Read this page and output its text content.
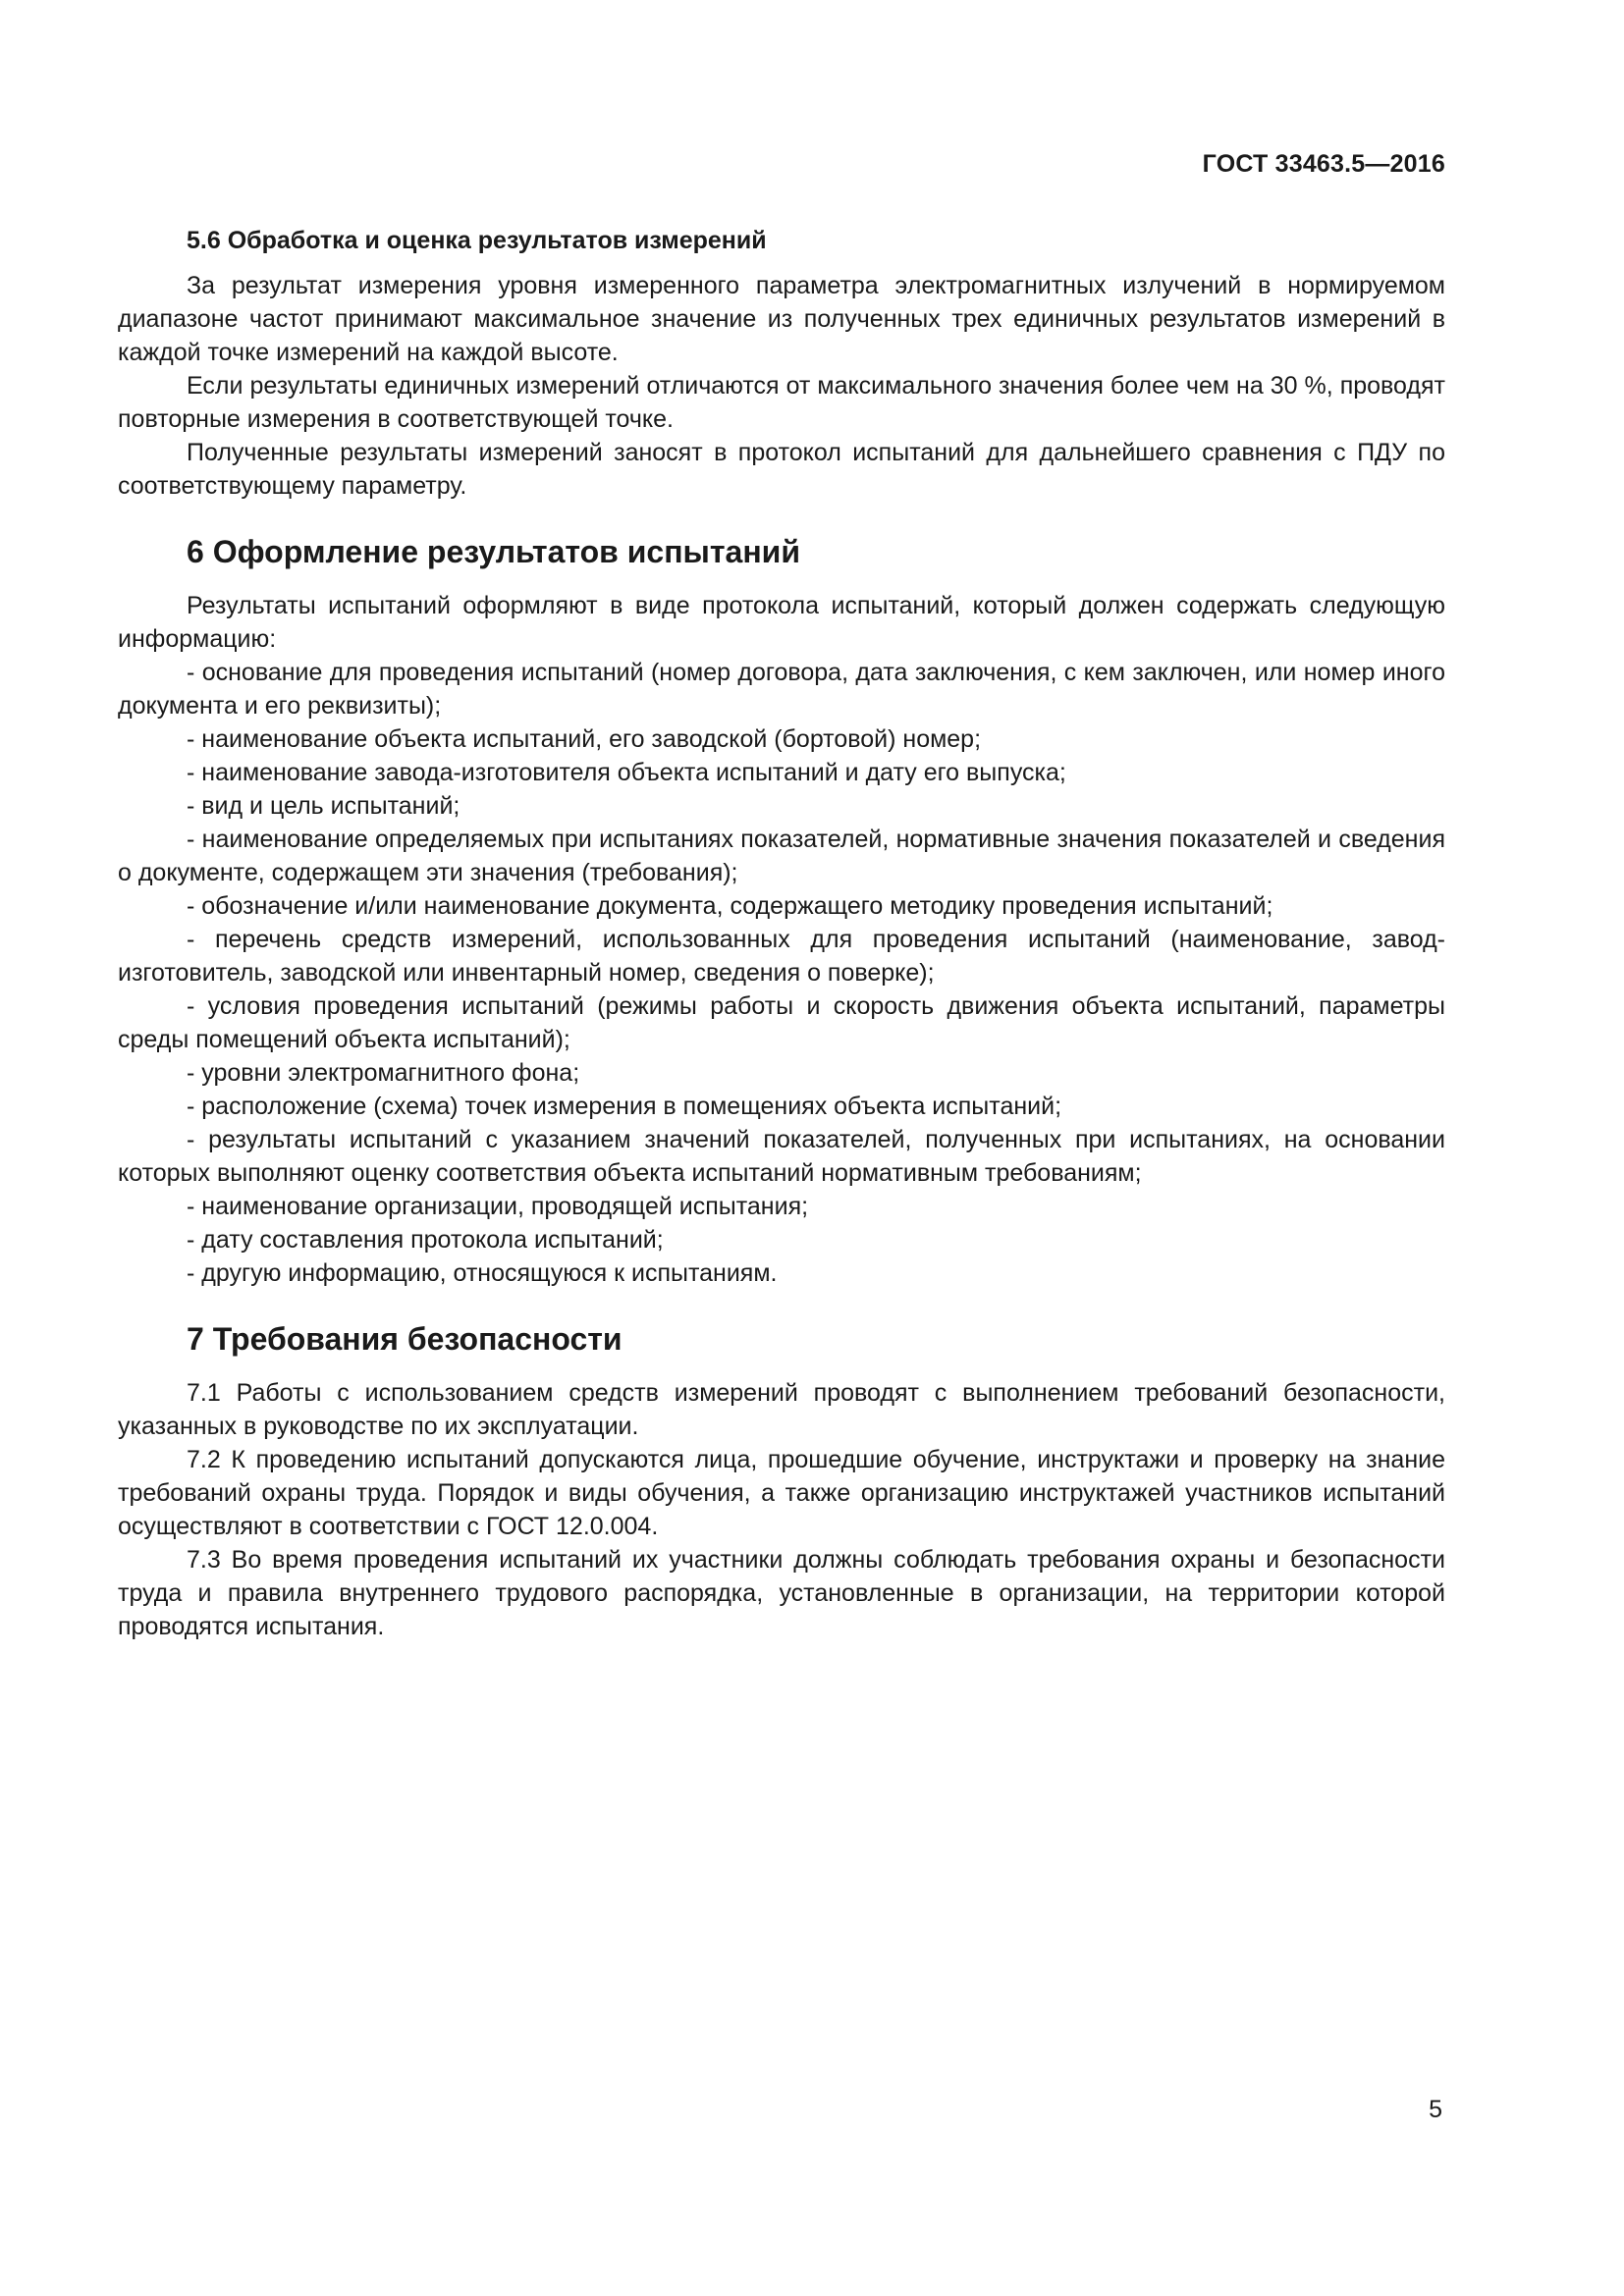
ГОСТ 33463.5—2016
5.6 Обработка и оценка результатов измерений

За результат измерения уровня измеренного параметра электромагнитных излучений в нормируемом диапазоне частот принимают максимальное значение из полученных трех единичных результатов измерений в каждой точке измерений на каждой высоте.

Если результаты единичных измерений отличаются от максимального значения более чем на 30 %, проводят повторные измерения в соответствующей точке.

Полученные результаты измерений заносят в протокол испытаний для дальнейшего сравнения с ПДУ по соответствующему параметру.

6 Оформление результатов испытаний

Результаты испытаний оформляют в виде протокола испытаний, который должен содержать следующую информацию:

- основание для проведения испытаний (номер договора, дата заключения, с кем заключен, или номер иного документа и его реквизиты);

- наименование объекта испытаний, его заводской (бортовой) номер;

- наименование завода-изготовителя объекта испытаний и дату его выпуска;

- вид и цель испытаний;

- наименование определяемых при испытаниях показателей, нормативные значения показателей и сведения о документе, содержащем эти значения (требования);

- обозначение и/или наименование документа, содержащего методику проведения испытаний;

- перечень средств измерений, использованных для проведения испытаний (наименование, завод-изготовитель, заводской или инвентарный номер, сведения о поверке);

- условия проведения испытаний (режимы работы и скорость движения объекта испытаний, параметры среды помещений объекта испытаний);

- уровни электромагнитного фона;

- расположение (схема) точек измерения в помещениях объекта испытаний;

- результаты испытаний с указанием значений показателей, полученных при испытаниях, на основании которых выполняют оценку соответствия объекта испытаний нормативным требованиям;

- наименование организации, проводящей испытания;

- дату составления протокола испытаний;

- другую информацию, относящуюся к испытаниям.

7 Требования безопасности

7.1 Работы с использованием средств измерений проводят с выполнением требований безопасности, указанных в руководстве по их эксплуатации.

7.2 К проведению испытаний допускаются лица, прошедшие обучение, инструктажи и проверку на знание требований охраны труда. Порядок и виды обучения, а также организацию инструктажей участников испытаний осуществляют в соответствии с ГОСТ 12.0.004.

7.3 Во время проведения испытаний их участники должны соблюдать требования охраны и безопасности труда и правила внутреннего трудового распорядка, установленные в организации, на территории которой проводятся испытания.

5
